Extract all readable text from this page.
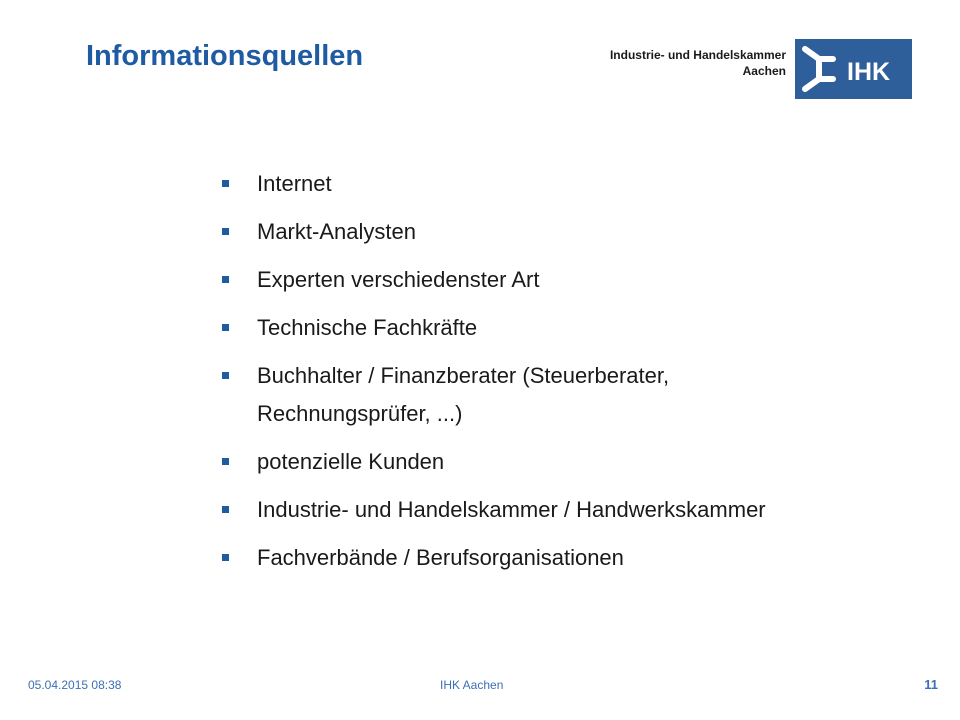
Informationsquellen	Industrie- und Handelskammer
Aachen IHK
Internet
Markt-Analysten
Experten verschiedenster Art
Technische Fachkräfte
Buchhalter / Finanzberater (Steuerberater, Rechnungsprüfer, ...)
potenzielle Kunden
Industrie- und Handelskammer / Handwerkskammer
Fachverbände / Berufsorganisationen
05.04.2015 08:38	IHK Aachen	11
